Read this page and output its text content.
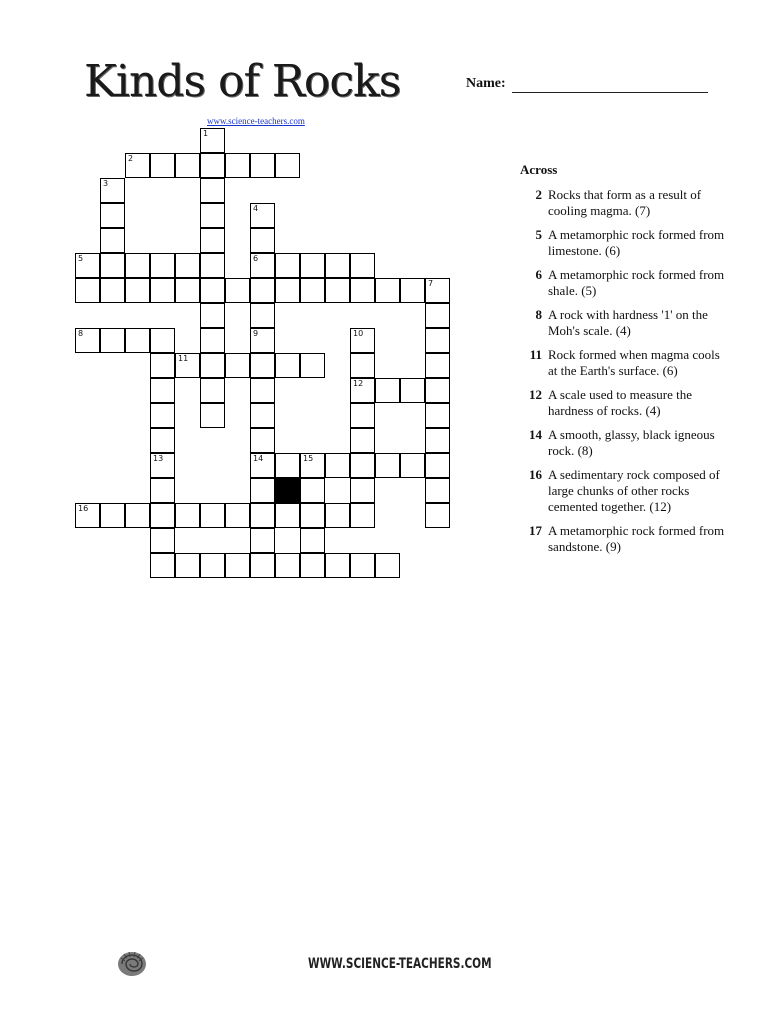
Kinds of Rocks	Name:
www.science-teachers.com
1
2
3
4
6
9
5
7
8
13	14
10
12
11
15
16
Across
2 Rocks that form as a result of cooling magma. (7)
5 A metamorphic rock formed from limestone. (6)
6 A metamorphic rock formed from shale. (5)
8 A rock with hardness '1' on the Moh's scale. (4)
11 Rock formed when magma cools at the Earth's surface. (6)
12 A scale used to measure the hardness of rocks. (4)
14 A smooth, glassy, black igneous rock. (8)
16 A sedimentary rock composed of large chunks of other rocks cemented together. (12)
17 A metamorphic rock formed from sandstone. (9)
WWW.SCIENCE-TEACHERS.COM
